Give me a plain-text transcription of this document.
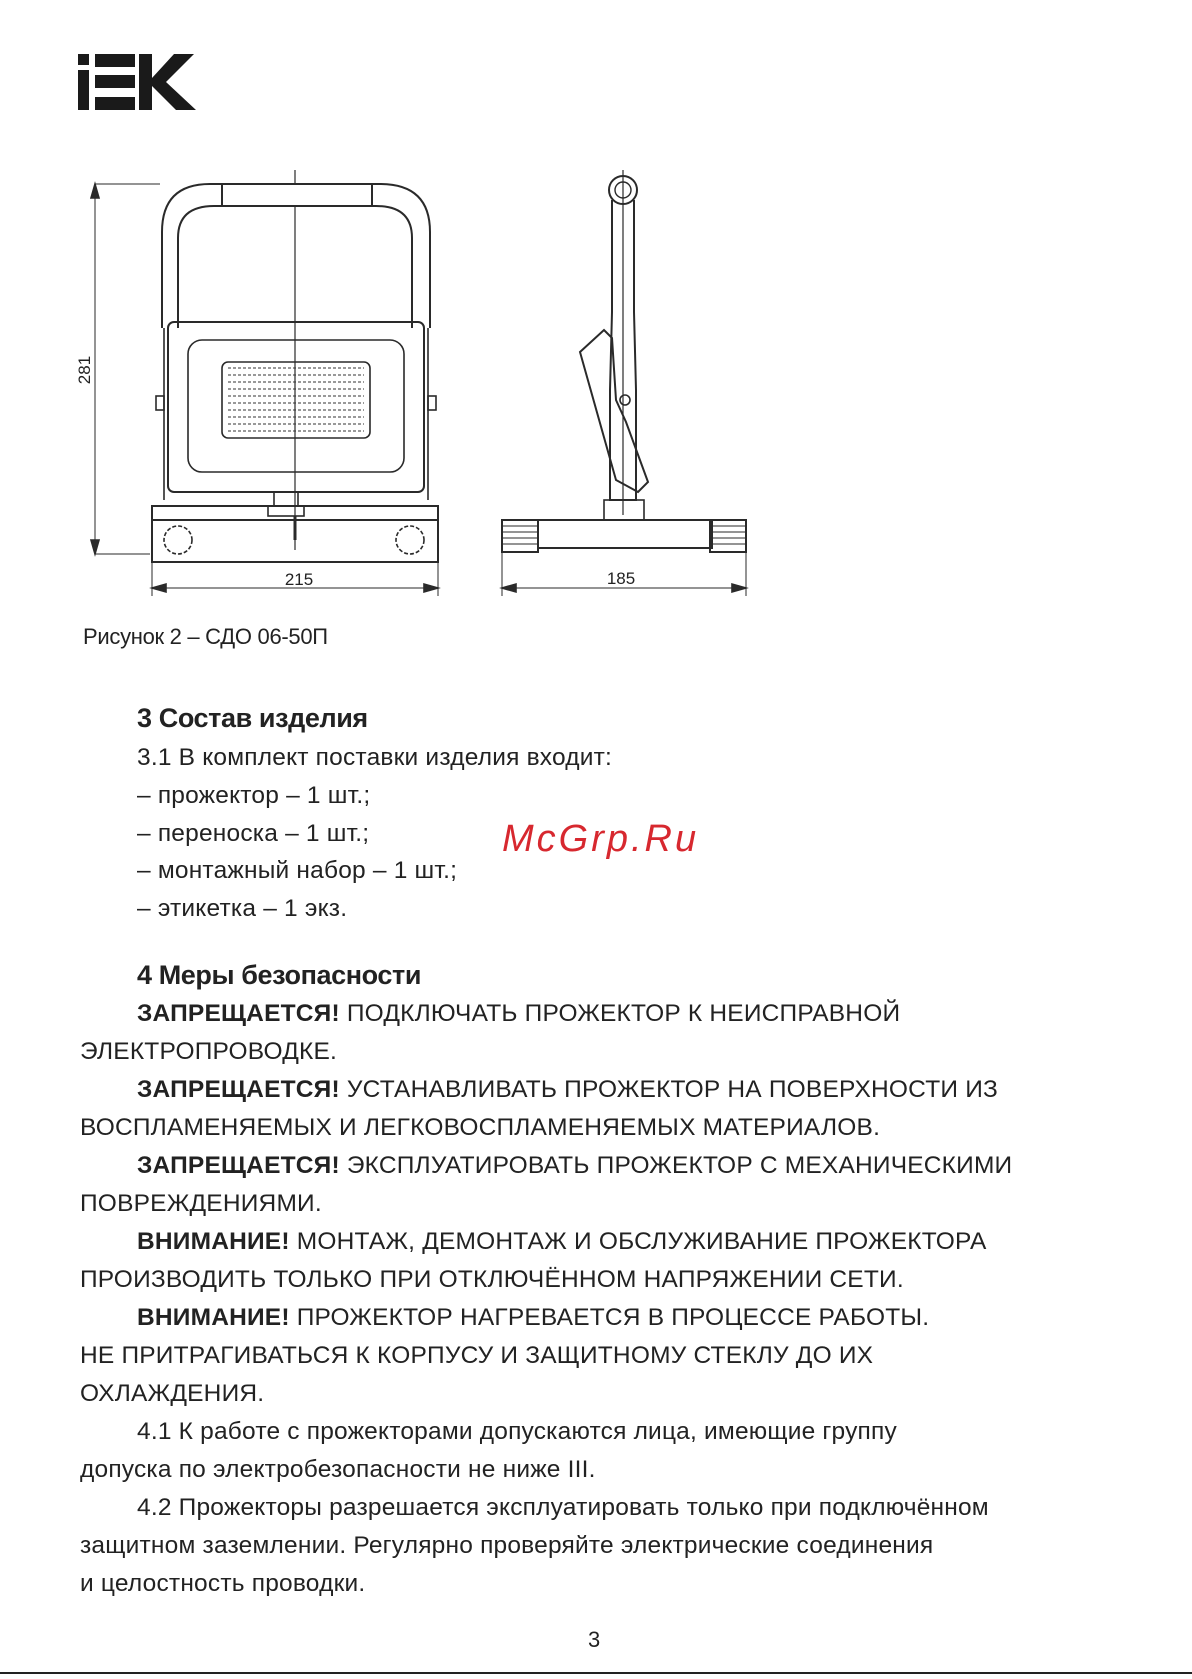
281
215	185
Рисунок 2 – СДО 06-50П
3 Состав изделия
3.1 В комплект поставки изделия входит:
– прожектор – 1 шт.;
– переноска – 1 шт.;
– монтажный набор – 1 шт.;
– этикетка – 1 экз.
McGrp.Ru
4 Меры безопасности
ЗАПРЕЩАЕТСЯ! ПОДКЛЮЧАТЬ ПРОЖЕКТОР К НЕИСПРАВНОЙ
ЭЛЕКТРОПРОВОДКЕ.
ЗАПРЕЩАЕТСЯ! УСТАНАВЛИВАТЬ ПРОЖЕКТОР НА ПОВЕРХНОСТИ ИЗ
ВОСПЛАМЕНЯЕМЫХ И ЛЕГКОВОСПЛАМЕНЯЕМЫХ МАТЕРИАЛОВ.
ЗАПРЕЩАЕТСЯ! ЭКСПЛУАТИРОВАТЬ ПРОЖЕКТОР С МЕХАНИЧЕСКИМИ
ПОВРЕЖДЕНИЯМИ.
ВНИМАНИЕ! МОНТАЖ, ДЕМОНТАЖ И ОБСЛУЖИВАНИЕ ПРОЖЕКТОРА
ПРОИЗВОДИТЬ ТОЛЬКО ПРИ ОТКЛЮЧЁННОМ НАПРЯЖЕНИИ СЕТИ.
ВНИМАНИЕ! ПРОЖЕКТОР НАГРЕВАЕТСЯ В ПРОЦЕССЕ РАБОТЫ.
НЕ ПРИТРАГИВАТЬСЯ К КОРПУСУ И ЗАЩИТНОМУ СТЕКЛУ ДО ИХ
ОХЛАЖДЕНИЯ.
4.1 К работе с прожекторами допускаются лица, имеющие группу
допуска по электробезопасности не ниже III.
4.2 Прожекторы разрешается эксплуатировать только при подключённом
защитном заземлении. Регулярно проверяйте электрические соединения
и целостность проводки.
3
